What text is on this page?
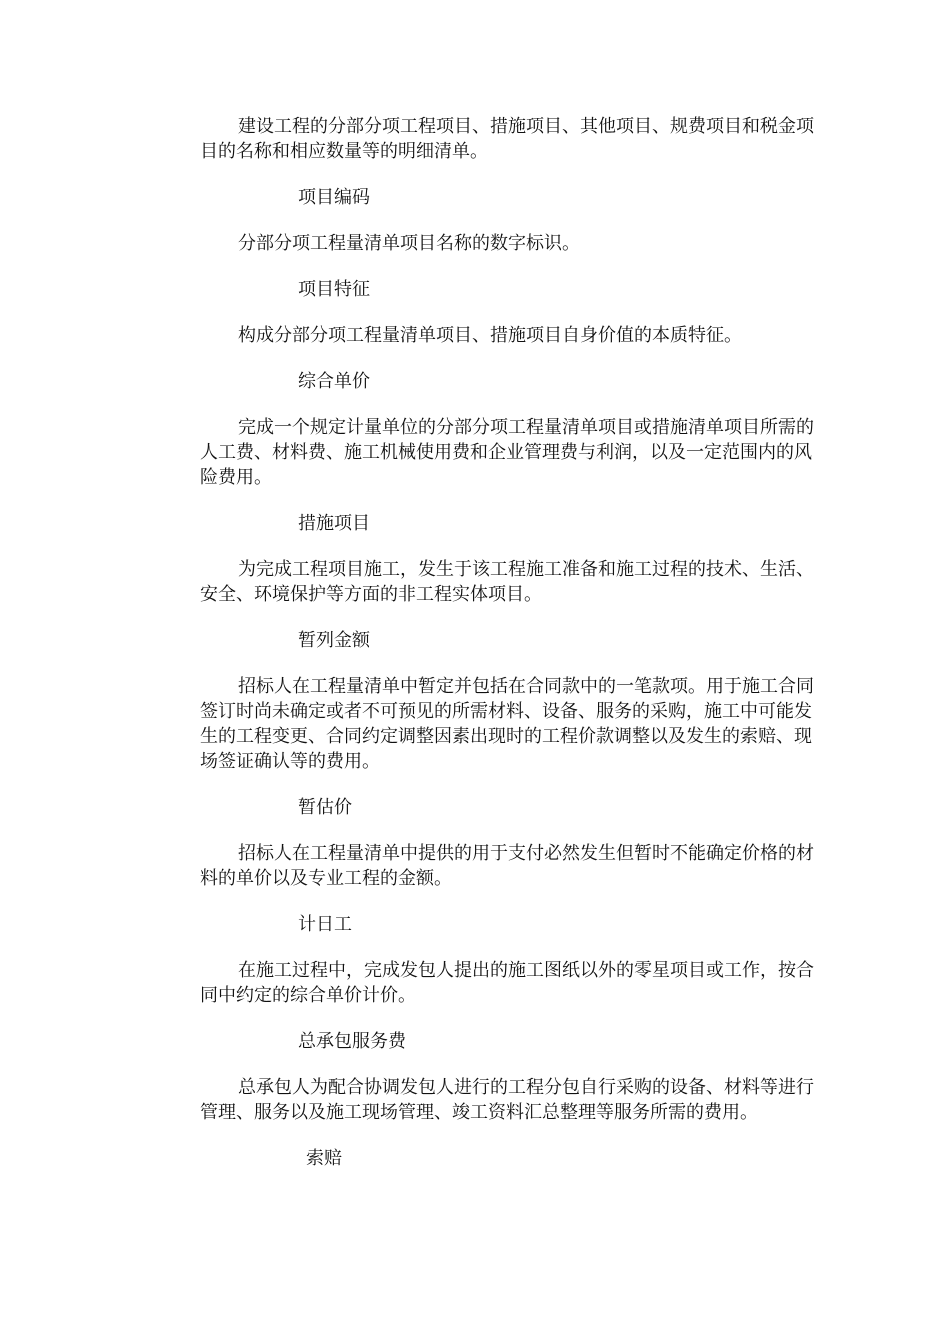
建设工程的分部分项工程项目、措施项目、其他项目、规费项目和税金项目的名称和相应数量等的明细清单。

项目编码

分部分项工程量清单项目名称的数字标识。

项目特征

构成分部分项工程量清单项目、措施项目自身价值的本质特征。

综合单价

完成一个规定计量单位的分部分项工程量清单项目或措施清单项目所需的人工费、材料费、施工机械使用费和企业管理费与利润，以及一定范围内的风险费用。

措施项目

为完成工程项目施工，发生于该工程施工准备和施工过程的技术、生活、安全、环境保护等方面的非工程实体项目。

暂列金额

招标人在工程量清单中暂定并包括在合同款中的一笔款项。用于施工合同签订时尚未确定或者不可预见的所需材料、设备、服务的采购，施工中可能发生的工程变更、合同约定调整因素出现时的工程价款调整以及发生的索赔、现场签证确认等的费用。

暂估价

招标人在工程量清单中提供的用于支付必然发生但暂时不能确定价格的材料的单价以及专业工程的金额。

计日工

在施工过程中，完成发包人提出的施工图纸以外的零星项目或工作，按合同中约定的综合单价计价。

总承包服务费

总承包人为配合协调发包人进行的工程分包自行采购的设备、材料等进行管理、服务以及施工现场管理、竣工资料汇总整理等服务所需的费用。

索赔
